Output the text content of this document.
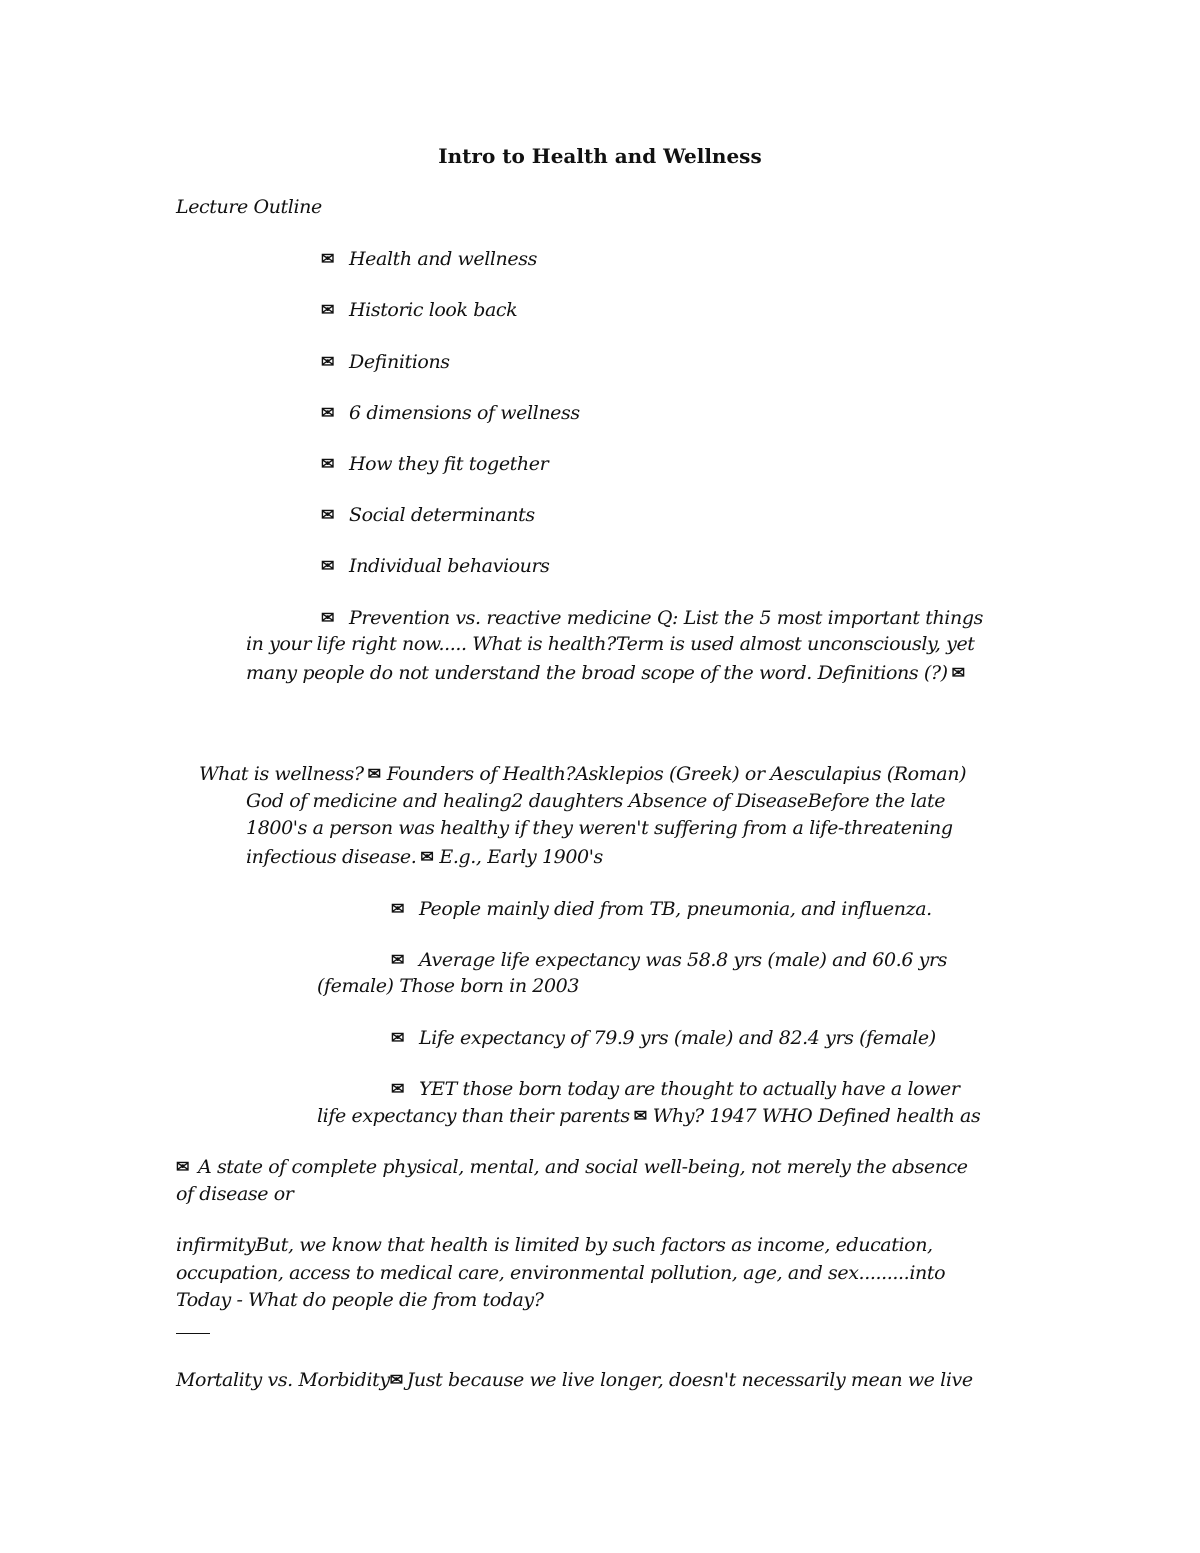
Intro to Health and Wellness
Lecture Outline
✉ Health and wellness
✉ Historic look back
✉ Definitions
✉ 6 dimensions of wellness
✉ How they fit together
✉ Social determinants
✉ Individual behaviours
✉ Prevention vs. reactive medicine Q: List the 5 most important things
in your life right now..... What is health?Term is used almost unconsciously, yet
many people do not understand the broad scope of the word. Definitions (?) ✉
What is wellness? ✉ Founders of Health?Asklepios (Greek) or Aesculapius (Roman)
God of medicine and healing2 daughters Absence of DiseaseBefore the late
1800's a person was healthy if they weren't suffering from a life-threatening
infectious disease. ✉ E.g., Early 1900's
✉ People mainly died from TB, pneumonia, and influenza.
✉ Average life expectancy was 58.8 yrs (male) and 60.6 yrs
(female) Those born in 2003
✉ Life expectancy of 79.9 yrs (male) and 82.4 yrs (female)
✉ YET those born today are thought to actually have a lower
life expectancy than their parents ✉ Why? 1947 WHO Defined health as
✉ A state of complete physical, mental, and social well-being, not merely the absence
of disease or
infirmityBut, we know that health is limited by such factors as income, education,
occupation, access to medical care, environmental pollution, age, and sex.........into
Today - What do people die from today?
Mortality vs. Morbidity✉ Just because we live longer, doesn't necessarily mean we live
